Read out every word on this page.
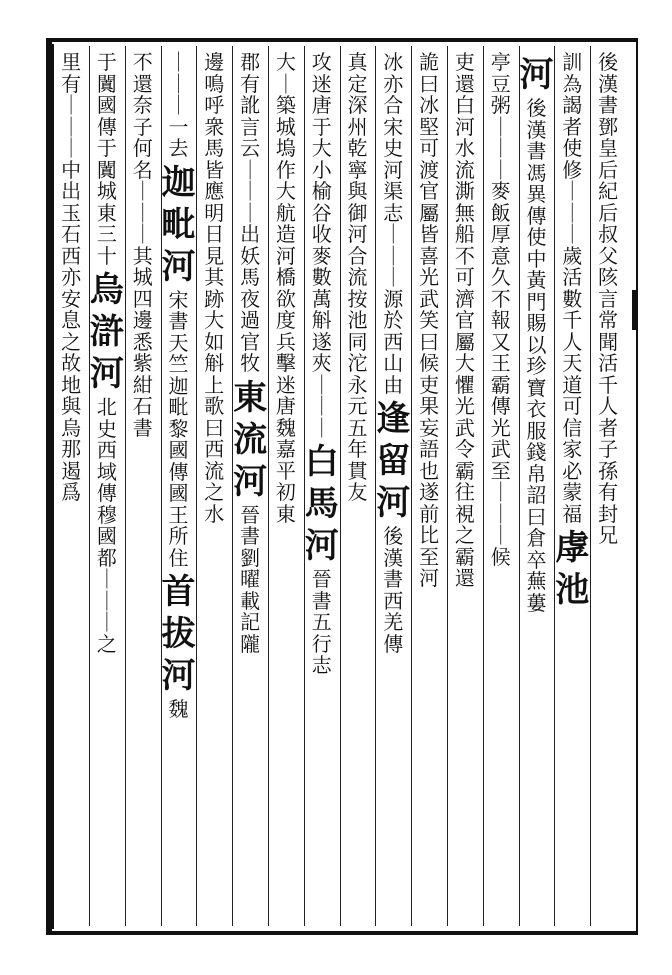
後
漢
書
鄧
皇
后
紀
后
叔
父
陔
言
常
聞
活
千
人
者
子
孫
有
封
兄
訓
為
謁
者
使
修
｜
｜
｜
歲
活
數
千
人
天
道
可
信
家
必
蒙
福
虖
池
河
後
漢
書
馮
異
傳
使
中
黃
門
賜
以
珍
寶
衣
服
錢
帛
詔
曰
倉
卒
蕪
蔞
亭
豆
粥
｜
｜
｜
麥
飯
厚
意
久
不
報
又
王
霸
傳
光
武
至
｜
｜
｜
候
吏
還
白
河
水
流
澌
無
船
不
可
濟
官
屬
大
懼
光
武
令
霸
往
視
之
霸
還
詭
曰
冰
堅
可
渡
官
屬
皆
喜
光
武
笑
曰
候
吏
果
妄
語
也
遂
前
比
至
河
冰
亦
合
宋
史
河
渠
志
｜
｜
｜
源
於
西
山
由
逢
留
河
後
漢
書
西
羌
傳
真
定
深
州
乾
寧
與
御
河
合
流
按
池
同
沱
永
元
五
年
貫
友
攻
迷
唐
于
大
小
榆
谷
收
麥
數
萬
斛
遂
夾
｜
｜
｜
白
馬
河
晉
書
五
行
志
大
｜
築
城
塢
作
大
航
造
河
橋
欲
度
兵
擊
迷
唐
魏
嘉
平
初
東
郡
有
訛
言
云
｜
｜
｜
出
妖
馬
夜
過
官
牧
東
流
河
晉
書
劉
曜
載
記
隴
邊
鳴
呼
衆
馬
皆
應
明
日
見
其
跡
大
如
斛
上
歌
曰
西
流
之
水
｜
｜
｜
一
去
迦
毗
河
宋
書
天
竺
迦
毗
黎
國
傳
國
王
所
住
首
拔
河
魏
不
還
奈
子
何
名
｜
｜
｜
其
城
四
邊
悉
紫
紺
石
書
于
闐
國
傳
于
闐
城
東
三
十
烏
滸
河
北
史
西
域
傳
穆
國
都
｜
｜
｜
之
里
有
｜
｜
｜
中
出
玉
石
西
亦
安
息
之
故
地
與
烏
那
遏
爲
